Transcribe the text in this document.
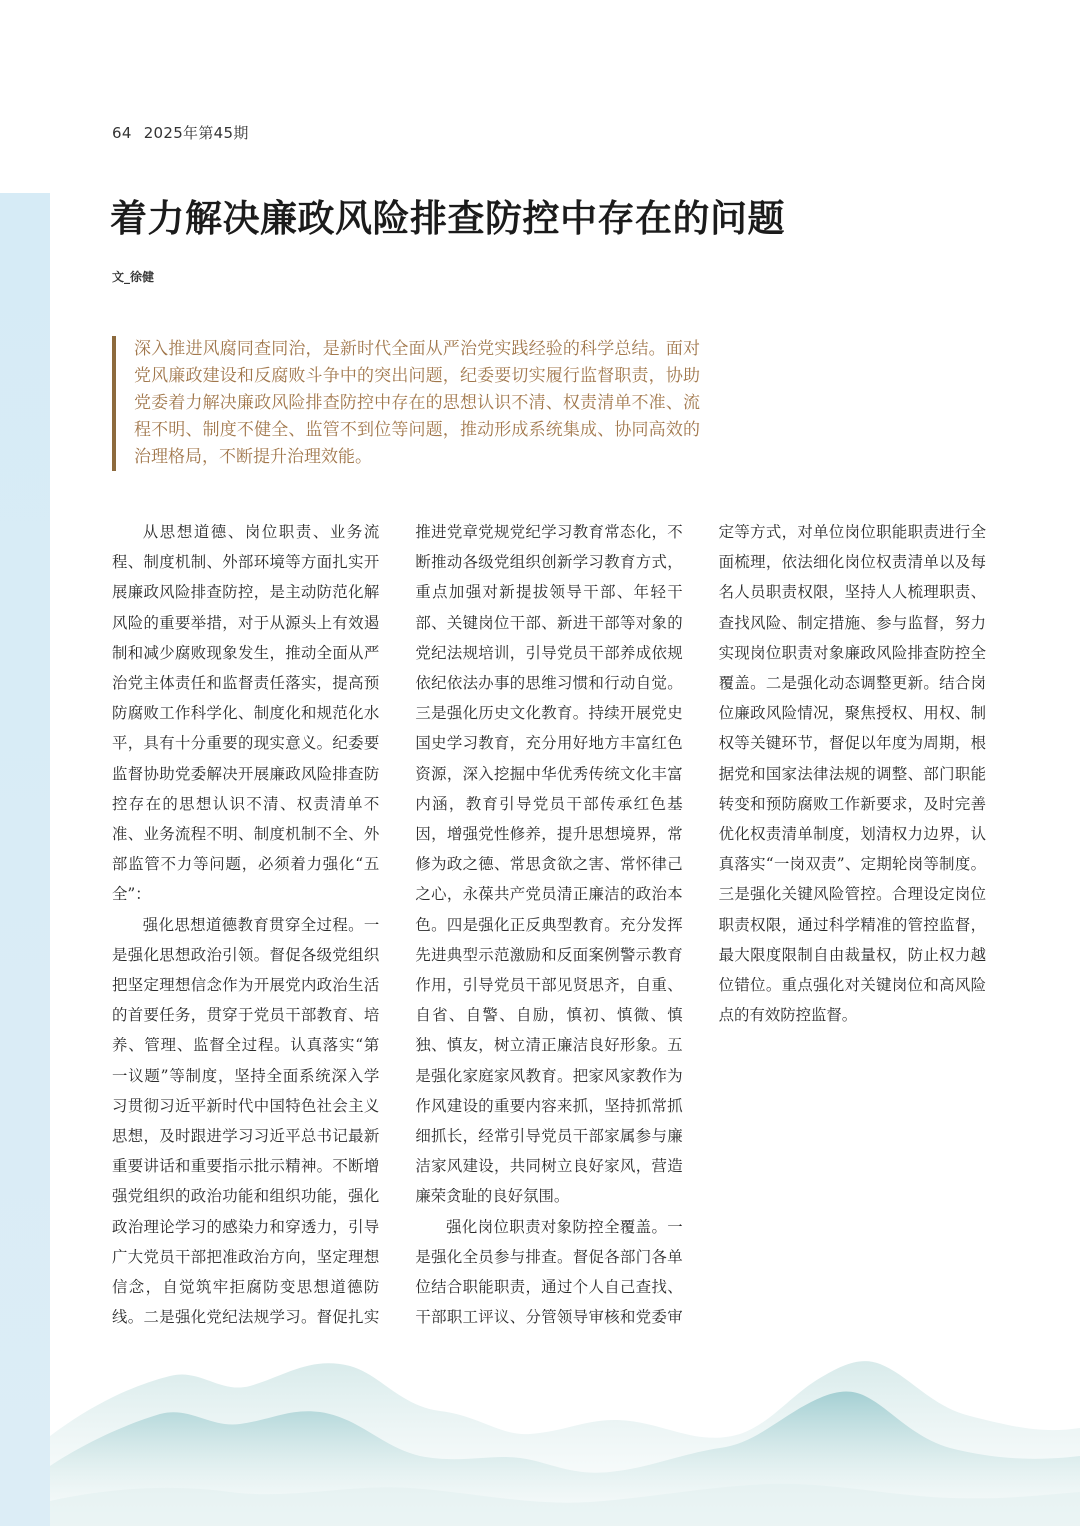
64 2025年第45期
着力解决廉政风险排查防控中存在的问题
文_徐健
深入推进风腐同查同治，是新时代全面从严治党实践经验的科学总结。面对党风廉政建设和反腐败斗争中的突出问题，纪委要切实履行监督职责，协助党委着力解决廉政风险排查防控中存在的思想认识不清、权责清单不准、流程不明、制度不健全、监管不到位等问题，推动形成系统集成、协同高效的治理格局，不断提升治理效能。

从思想道德、岗位职责、业务流程、制度机制、外部环境等方面扎实开展廉政风险排查防控，是主动防范化解风险的重要举措，对于从源头上有效遏制和减少腐败现象发生，推动全面从严治党主体责任和监督责任落实，提高预防腐败工作科学化、制度化和规范化水平，具有十分重要的现实意义。纪委要监督协助党委解决开展廉政风险排查防控存在的思想认识不清、权责清单不准、业务流程不明、制度机制不全、外部监管不力等问题，必须着力强化“五全”：

强化思想道德教育贯穿全过程。一是强化思想政治引领。督促各级党组织把坚定理想信念作为开展党内政治生活的首要任务，贯穿于党员干部教育、培养、管理、监督全过程。认真落实“第一议题”等制度，坚持全面系统深入学习贯彻习近平新时代中国特色社会主义思想，及时跟进学习习近平总书记最新重要讲话和重要指示批示精神。不断增强党组织的政治功能和组织功能，强化政治理论学习的感染力和穿透力，引导广大党员干部把准政治方向，坚定理想信念，自觉筑牢拒腐防变思想道德防线。二是强化党纪法规学习。督促扎实推进党章党规党纪学习教育常态化，不断推动各级党组织创新学习教育方式，重点加强对新提拔领导干部、年轻干部、关键岗位干部、新进干部等对象的党纪法规培训，引导党员干部养成依规依纪依法办事的思维习惯和行动自觉。三是强化历史文化教育。持续开展党史国史学习教育，充分用好地方丰富红色资源，深入挖掘中华优秀传统文化丰富内涵，教育引导党员干部传承红色基因，增强党性修养，提升思想境界，常修为政之德、常思贪欲之害、常怀律己之心，永葆共产党员清正廉洁的政治本色。四是强化正反典型教育。充分发挥先进典型示范激励和反面案例警示教育作用，引导党员干部见贤思齐，自重、自省、自警、自励，慎初、慎微、慎独、慎友，树立清正廉洁良好形象。五是强化家庭家风教育。把家风家教作为作风建设的重要内容来抓，坚持抓常抓细抓长，经常引导党员干部家属参与廉洁家风建设，共同树立良好家风，营造廉荣贪耻的良好氛围。

强化岗位职责对象防控全覆盖。一是强化全员参与排查。督促各部门各单位结合职能职责，通过个人自己查找、干部职工评议、分管领导审核和党委审定等方式，对单位岗位职能职责进行全面梳理，依法细化岗位权责清单以及每名人员职责权限，坚持人人梳理职责、查找风险、制定措施、参与监督，努力实现岗位职责对象廉政风险排查防控全覆盖。二是强化动态调整更新。结合岗位廉政风险情况，聚焦授权、用权、制权等关键环节，督促以年度为周期，根据党和国家法律法规的调整、部门职能转变和预防腐败工作新要求，及时完善优化权责清单制度，划清权力边界，认真落实“一岗双责”、定期轮岗等制度。三是强化关键风险管控。合理设定岗位职责权限，通过科学精准的管控监督，最大限度限制自由裁量权，防止权力越位错位。重点强化对关键岗位和高风险点的有效防控监督。
